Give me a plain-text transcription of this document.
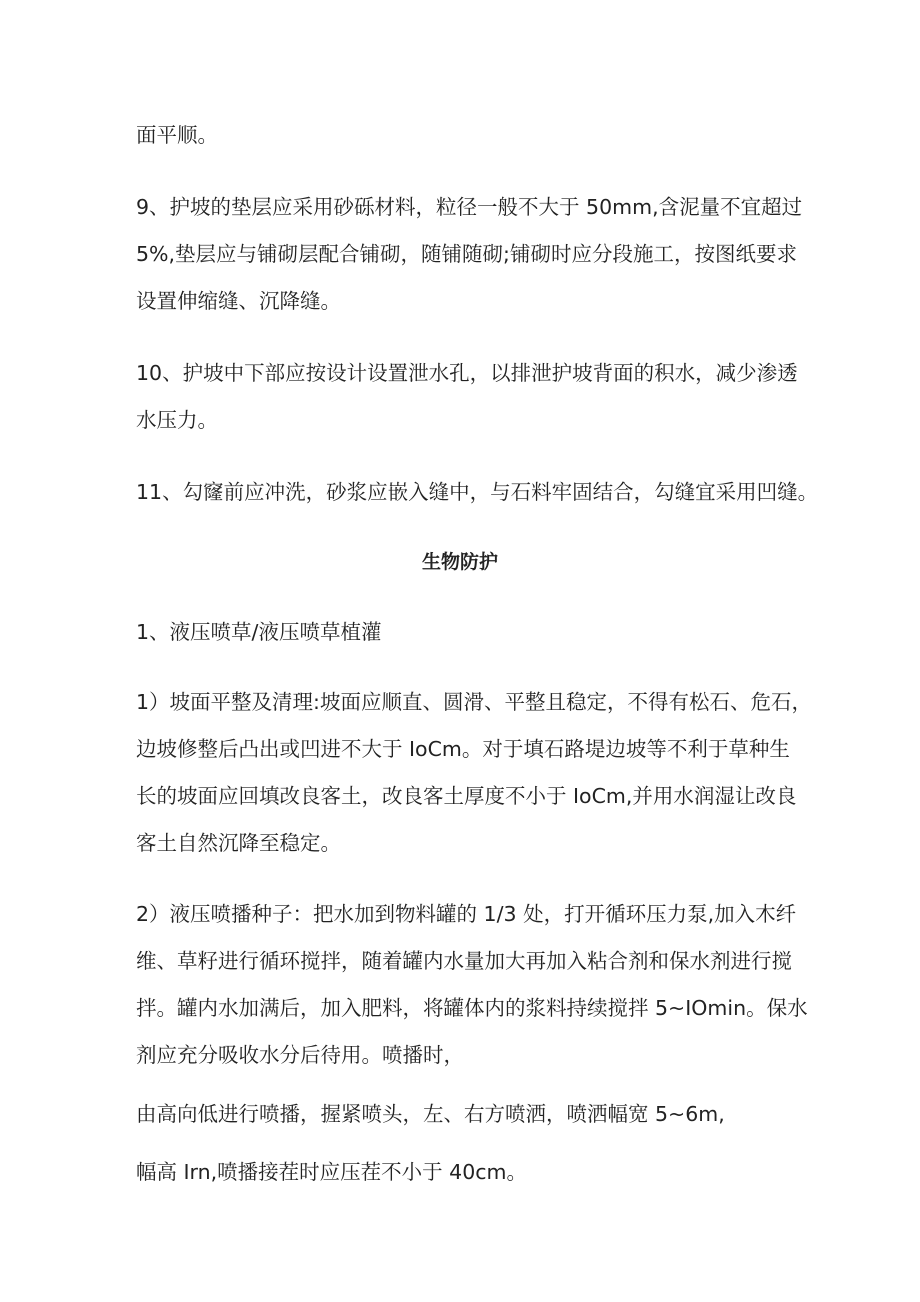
面平顺。
9、护坡的垫层应采用砂砾材料，粒径一般不大于 50mm,含泥量不宜超过
5%,垫层应与铺砌层配合铺砌，随铺随砌;铺砌时应分段施工，按图纸要求
设置伸缩缝、沉降缝。
10、护坡中下部应按设计设置泄水孔，以排泄护坡背面的积水，减少渗透
水压力。
11、勾窿前应冲洗，砂浆应嵌入缝中，与石料牢固结合，勾缝宜采用凹缝。
生物防护
1、液压喷草/液压喷草植灌
1）坡面平整及清理:坡面应顺直、圆滑、平整且稳定，不得有松石、危石，
边坡修整后凸出或凹进不大于 IoCm。对于填石路堤边坡等不利于草种生
长的坡面应回填改良客土，改良客土厚度不小于 IoCm,并用水润湿让改良
客土自然沉降至稳定。
2）液压喷播种子：把水加到物料罐的 1/3 处，打开循环压力泵,加入木纤
维、草籽进行循环搅拌，随着罐内水量加大再加入粘合剂和保水剂进行搅
拌。罐内水加满后，加入肥料，将罐体内的浆料持续搅拌 5~IOmin。保水
剂应充分吸收水分后待用。喷播时，
由高向低进行喷播，握紧喷头，左、右方喷洒，喷洒幅宽 5~6m,
幅高 Irn,喷播接茬时应压茬不小于 40cm。
